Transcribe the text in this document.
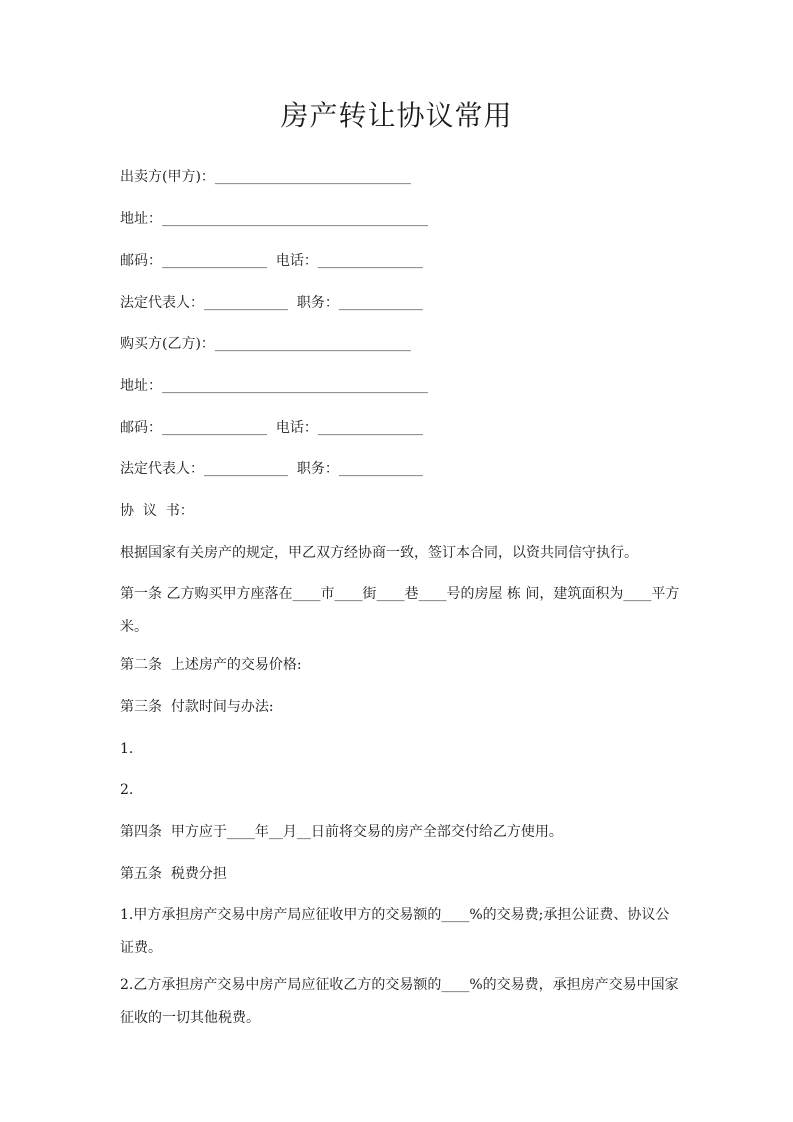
房产转让协议常用

出卖方(甲方)：____________________________

地址：______________________________________

邮码：_______________  电话：_______________

法定代表人：____________  职务：____________

购买方(乙方)：____________________________

地址：______________________________________

邮码：_______________  电话：_______________

法定代表人：____________  职务：____________

协  议  书：

根据国家有关房产的规定，甲乙双方经协商一致，签订本合同，以资共同信守执行。

第一条 乙方购买甲方座落在____市____街____巷____号的房屋 栋 间，建筑面积为____平方米。

第二条  上述房产的交易价格:

第三条  付款时间与办法:

1.

2.

第四条  甲方应于____年__月__日前将交易的房产全部交付给乙方使用。

第五条  税费分担

1.甲方承担房产交易中房产局应征收甲方的交易额的____%的交易费;承担公证费、协议公证费。

2.乙方承担房产交易中房产局应征收乙方的交易额的____%的交易费，承担房产交易中国家征收的一切其他税费。
